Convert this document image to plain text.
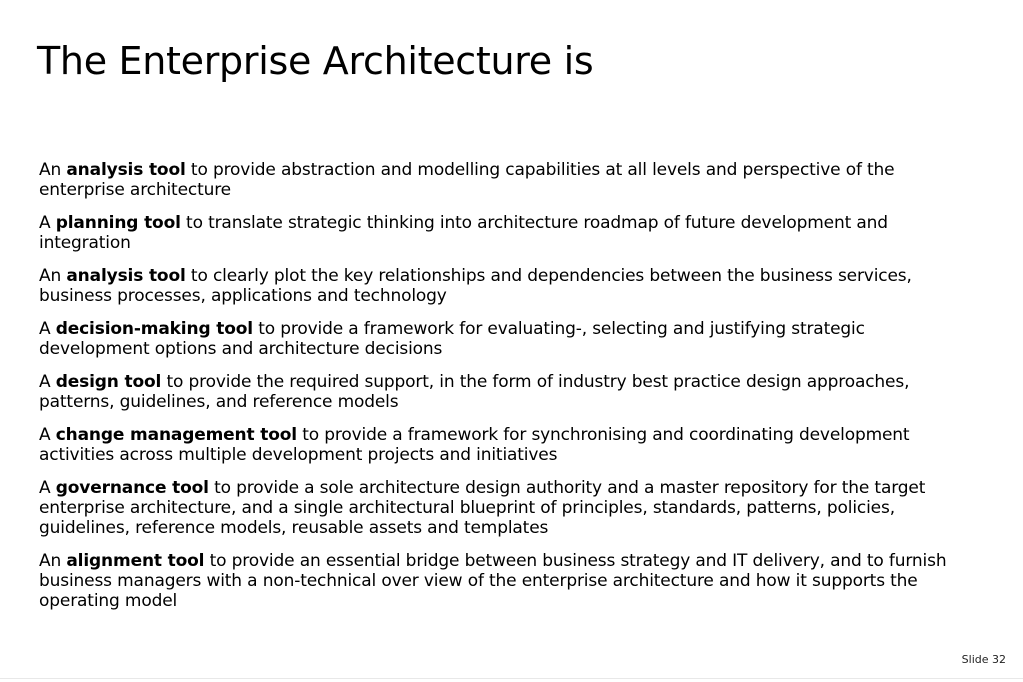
The Enterprise Architecture is
An analysis tool to provide abstraction and modelling capabilities at all levels and perspective of the enterprise architecture
A planning tool to translate strategic thinking into architecture roadmap of future development and integration
An analysis tool to clearly plot the key relationships and dependencies between the business services, business processes, applications and technology
A decision-making tool to provide a framework for evaluating-, selecting and justifying strategic development options and architecture decisions
A design tool to provide the required support, in the form of industry best practice design approaches, patterns, guidelines, and reference models
A change management tool to provide a framework for synchronising and coordinating development activities across multiple development projects and initiatives
A governance tool to provide a sole architecture design authority and a master repository for the target enterprise architecture, and a single architectural blueprint of principles, standards, patterns, policies, guidelines, reference models, reusable assets and templates
An alignment tool to provide an essential bridge between business strategy and IT delivery, and to furnish business managers with a non-technical over view of the enterprise architecture and how it supports the operating model
Slide 32
